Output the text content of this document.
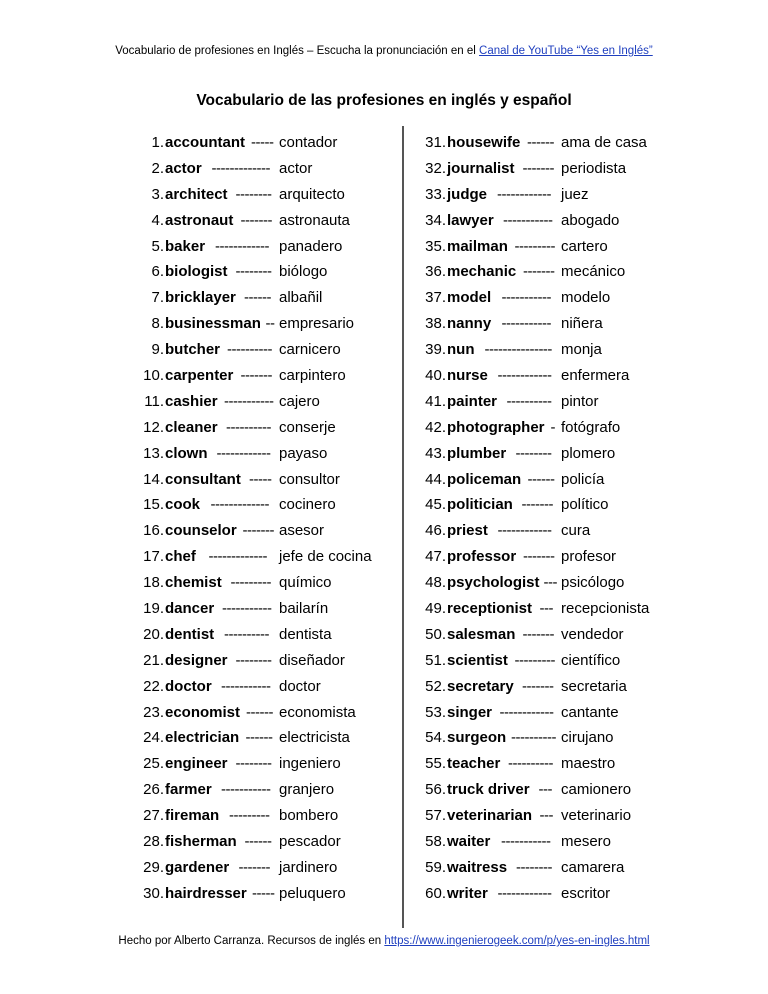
Vocabulario de profesiones en Inglés – Escucha la pronunciación en el Canal de YouTube “Yes en Inglés”
Vocabulario de las profesiones en inglés y español
1. accountant ----- contador
2. actor ------------- actor
3. architect -------- arquitecto
4. astronaut ------- astronauta
5. baker ------------ panadero
6. biologist -------- biólogo
7. bricklayer ------ albañil
8. businessman -- empresario
9. butcher ---------- carnicero
10. carpenter ------- carpintero
11. cashier ----------- cajero
12. cleaner ---------- conserje
13. clown ------------ payaso
14. consultant ----- consultor
15. cook ------------- cocinero
16. counselor ------- asesor
17. chef ------------- jefe de cocina
18. chemist --------- químico
19. dancer ----------- bailarín
20. dentist ---------- dentista
21. designer -------- diseñador
22. doctor ----------- doctor
23. economist ------ economista
24. electrician ------ electricista
25. engineer -------- ingeniero
26. farmer ----------- granjero
27. fireman --------- bombero
28. fisherman ------ pescador
29. gardener ------- jardinero
30. hairdresser ----- peluquero
31. housewife ------ ama de casa
32. journalist ------- periodista
33. judge ------------ juez
34. lawyer ----------- abogado
35. mailman --------- cartero
36. mechanic ------- mecánico
37. model ----------- modelo
38. nanny ----------- niñera
39. nun --------------- monja
40. nurse ------------ enfermera
41. painter ---------- pintor
42. photographer - fotógrafo
43. plumber -------- plomero
44. policeman ------ policía
45. politician ------- político
46. priest ------------ cura
47. professor ------- profesor
48. psychologist --- psicólogo
49. receptionist --- recepcionista
50. salesman ------- vendedor
51. scientist --------- científico
52. secretary ------- secretaria
53. singer ------------ cantante
54. surgeon ---------- cirujano
55. teacher ---------- maestro
56. truck driver --- camionero
57. veterinarian --- veterinario
58. waiter ----------- mesero
59. waitress -------- camarera
60. writer ------------ escritor
Hecho por Alberto Carranza. Recursos de inglés en https://www.ingenierogeek.com/p/yes-en-ingles.html
